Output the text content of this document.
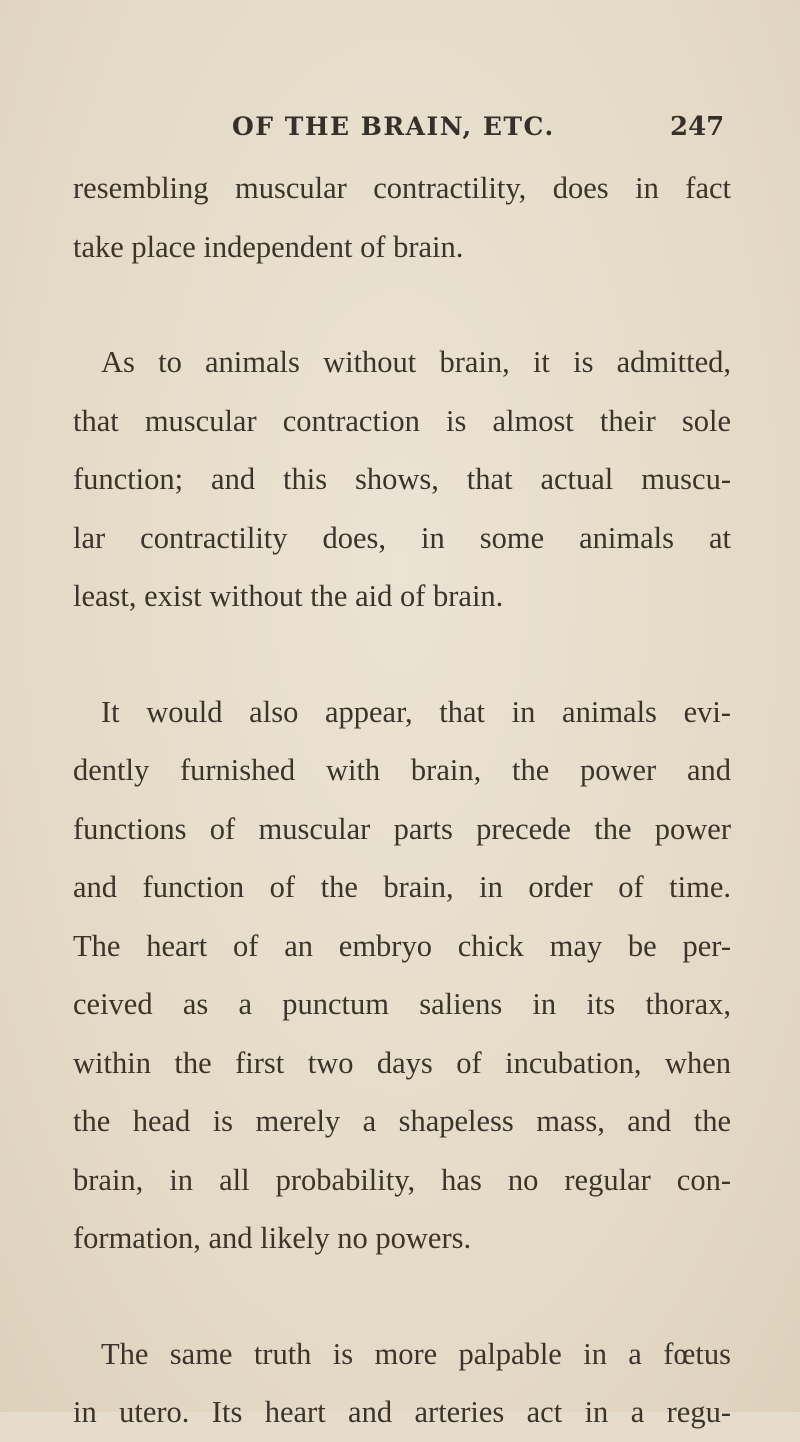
OF THE BRAIN, ETC.	247

resembling muscular contractility, does in fact
take place independent of brain.

As to animals without brain, it is admitted,
that muscular contraction is almost their sole
function; and this shows, that actual muscu-
lar contractility does, in some animals at
least, exist without the aid of brain.

It would also appear, that in animals evi-
dently furnished with brain, the power and
functions of muscular parts precede the power
and function of the brain, in order of time.
The heart of an embryo chick may be per-
ceived as a punctum saliens in its thorax,
within the first two days of incubation, when
the head is merely a shapeless mass, and the
brain, in all probability, has no regular con-
formation, and likely no powers.

The same truth is more palpable in a fœtus
in utero. Its heart and arteries act in a regu-
